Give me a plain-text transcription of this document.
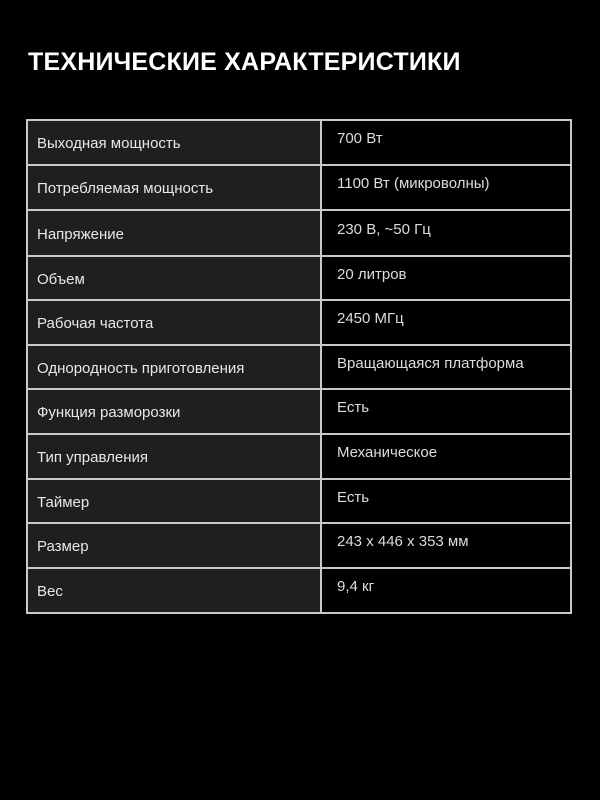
ТЕХНИЧЕСКИЕ ХАРАКТЕРИСТИКИ
Выходная мощность	700 Вт
Потребляемая мощность	1100 Вт (микроволны)
Напряжение	230 В, ~50 Гц
Объем	20 литров
Рабочая частота	2450 МГц
Однородность приготовления	Вращающаяся платформа
Функция разморозки	Есть
Тип управления	Механическое
Таймер	Есть
Размер	243 x 446 x 353 мм
Вес	9,4 кг
